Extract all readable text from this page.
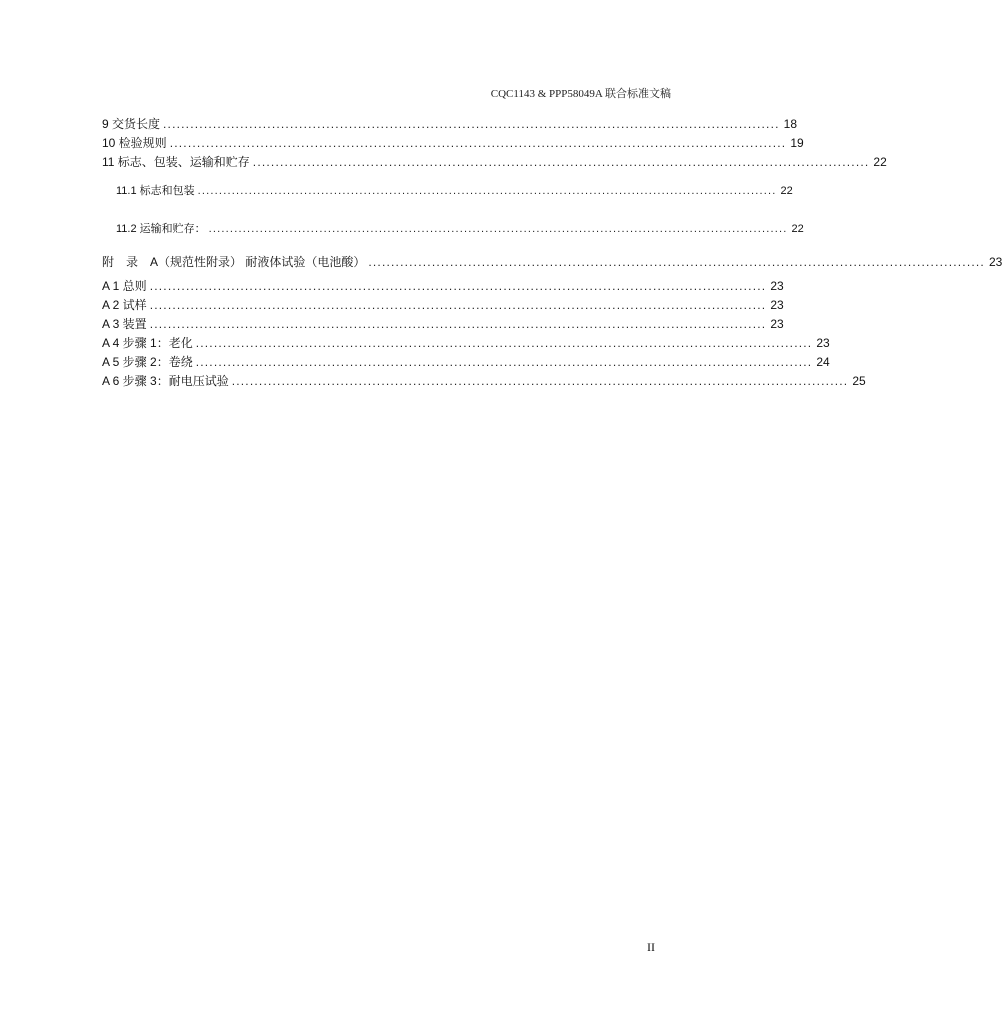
CQC1143 & PPP58049A 联合标准文稿
9 交货长度 ........................................................................................................................................ 18
10 检验规则 ........................................................................................................................................ 19
11 标志、包装、运输和贮存 ........................................................................................................................................ 22
11.1 标志和包装 ........................................................................................................................................ 22
11.2 运输和贮存： ........................................................................................................................................ 22
附　录　A（规范性附录） 耐液体试验（电池酸） ........................................................................................................................................ 23
A 1 总则 ........................................................................................................................................ 23
A 2 试样 ........................................................................................................................................ 23
A 3 装置 ........................................................................................................................................ 23
A 4 步骤 1：老化 ........................................................................................................................................ 23
A 5 步骤 2：卷绕 ........................................................................................................................................ 24
A 6 步骤 3：耐电压试验 ........................................................................................................................................ 25
II
